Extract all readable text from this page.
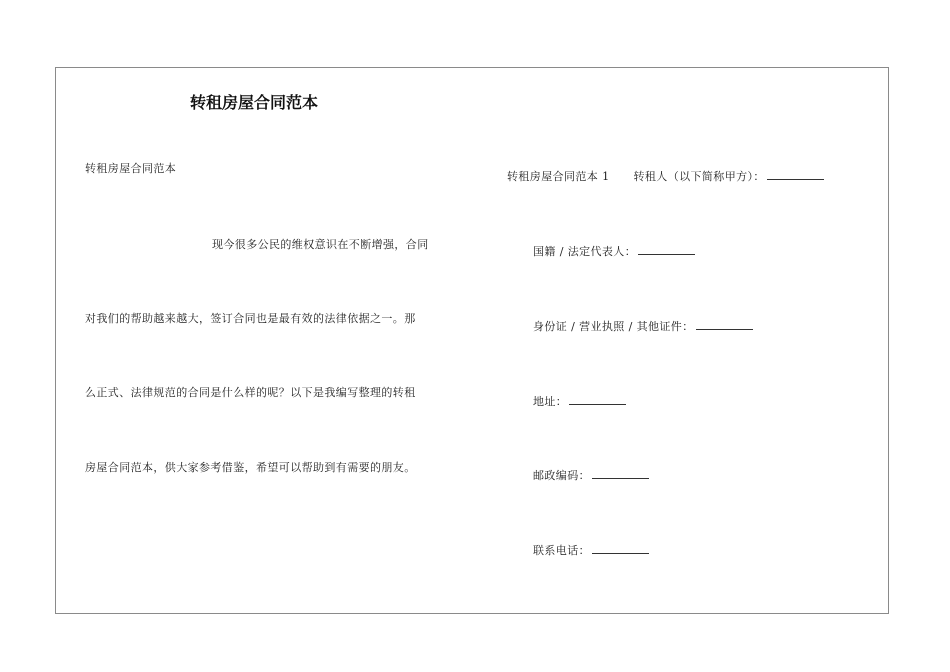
转租房屋合同范本
转租房屋合同范本
现今很多公民的维权意识在不断增强，合同
对我们的帮助越来越大，签订合同也是最有效的法律依据之一。那
么正式、法律规范的合同是什么样的呢？以下是我编写整理的转租
房屋合同范本，供大家参考借鉴，希望可以帮助到有需要的朋友。
转租房屋合同范本 1 转租人（以下简称甲方）：
国籍 / 法定代表人：
身份证 / 营业执照 / 其他证件：
地址：
邮政编码：
联系电话：
